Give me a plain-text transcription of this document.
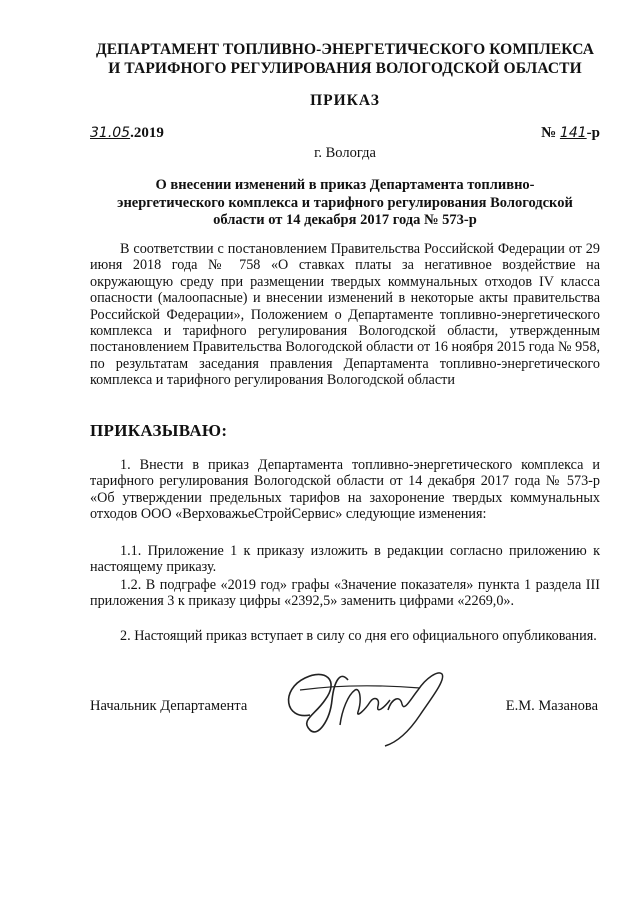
ДЕПАРТАМЕНТ ТОПЛИВНО-ЭНЕРГЕТИЧЕСКОГО КОМПЛЕКСА
И ТАРИФНОГО РЕГУЛИРОВАНИЯ ВОЛОГОДСКОЙ ОБЛАСТИ
ПРИКАЗ
31.05.2019	№ 141-р
г. Вологда
О внесении изменений в приказ Департамента топливно-
энергетического комплекса и тарифного регулирования Вологодской
области от 14 декабря 2017 года № 573-р
В соответствии с постановлением Правительства Российской Федерации от 29 июня 2018 года № 758 «О ставках платы за негативное воздействие на окружающую среду при размещении твердых коммунальных отходов IV класса опасности (малоопасные) и внесении изменений в некоторые акты правительства Российской Федерации», Положением о Департаменте топливно-энергетического комплекса и тарифного регулирования Вологодской области, утвержденным постановлением Правительства Вологодской области от 16 ноября 2015 года № 958, по результатам заседания правления Департамента топливно-энергетического комплекса и тарифного регулирования Вологодской области
ПРИКАЗЫВАЮ:
1. Внести в приказ Департамента топливно-энергетического комплекса и тарифного регулирования Вологодской области от 14 декабря 2017 года № 573-р «Об утверждении предельных тарифов на захоронение твердых коммунальных отходов ООО «ВерховажьеСтройСервис» следующие изменения:
1.1. Приложение 1 к приказу изложить в редакции согласно приложению к настоящему приказу.
1.2. В подграфе «2019 год» графы «Значение показателя» пункта 1 раздела III приложения 3 к приказу цифры «2392,5» заменить цифрами «2269,0».
2. Настоящий приказ вступает в силу со дня его официального опубликования.
Начальник Департамента	Е.М. Мазанова
